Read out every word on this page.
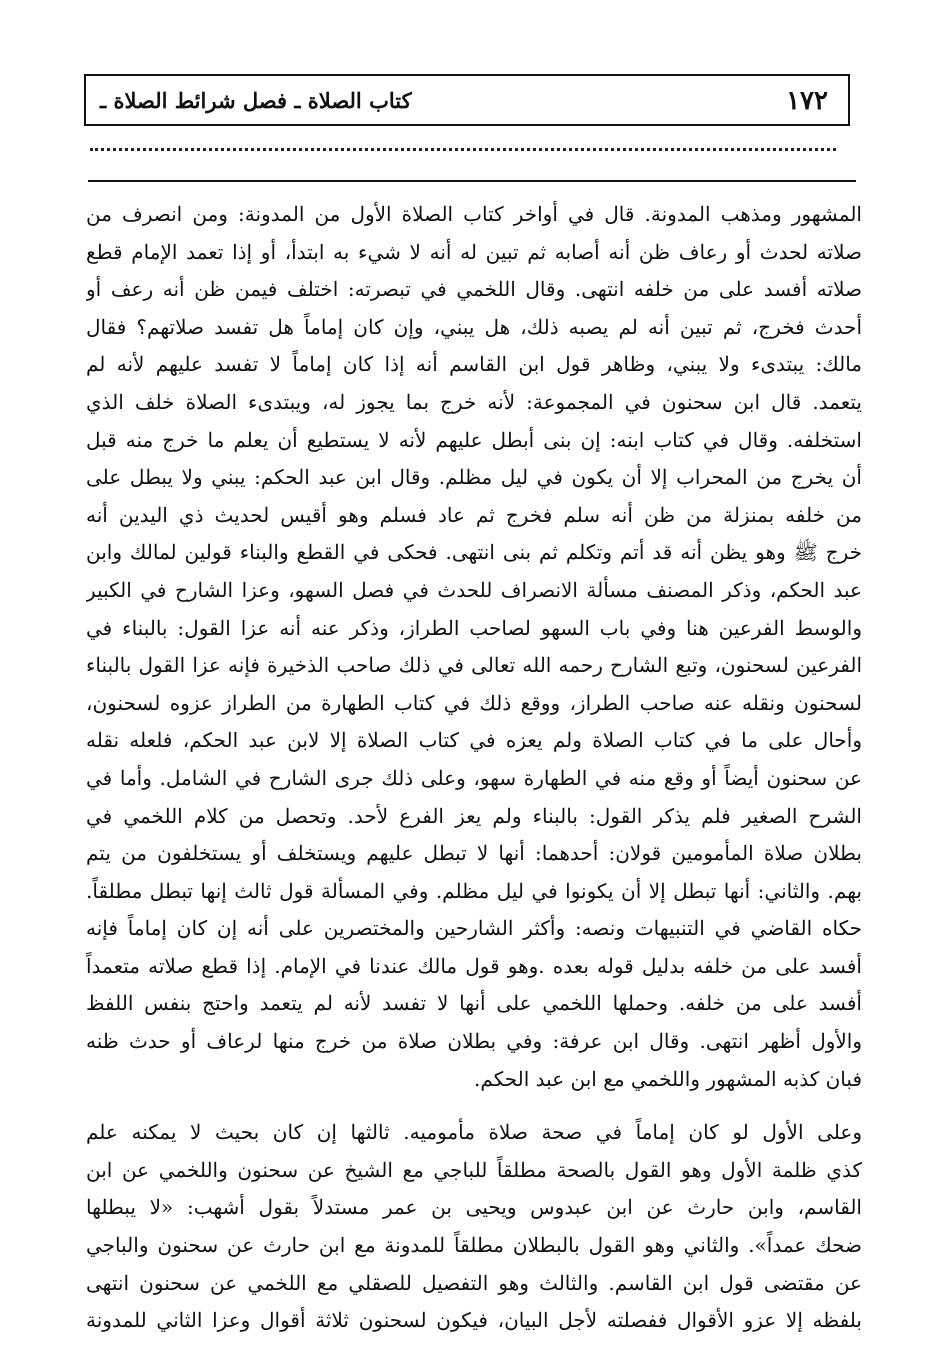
١٧٢
كتاب الصلاة ـ فصل شرائط الصلاة ـ
المشهور ومذهب المدونة. قال في أواخر كتاب الصلاة الأول من المدونة: ومن انصرف من
صلاته لحدث أو رعاف ظن أنه أصابه ثم تبين له أنه لا شيء به ابتدأ، أو إذا تعمد الإمام قطع
صلاته أفسد على من خلفه انتهى. وقال اللخمي في تبصرته: اختلف فيمن ظن أنه رعف أو
أحدث فخرج، ثم تبين أنه لم يصبه ذلك، هل يبني، وإن كان إماماً هل تفسد صلاتهم؟ فقال
مالك: يبتدىء ولا يبني، وظاهر قول ابن القاسم أنه إذا كان إماماً لا تفسد عليهم لأنه لم
يتعمد. قال ابن سحنون في المجموعة: لأنه خرج بما يجوز له، ويبتدىء الصلاة خلف الذي
استخلفه. وقال في كتاب ابنه: إن بنى أبطل عليهم لأنه لا يستطيع أن يعلم ما خرج منه قبل
أن يخرج من المحراب إلا أن يكون في ليل مظلم. وقال ابن عبد الحكم: يبني ولا يبطل على
من خلفه بمنزلة من ظن أنه سلم فخرج ثم عاد فسلم وهو أقيس لحديث ذي اليدين أنه
خرج ﷺ وهو يظن أنه قد أتم وتكلم ثم بنى انتهى. فحكى في القطع والبناء قولين لمالك وابن
عبد الحكم، وذكر المصنف مسألة الانصراف للحدث في فصل السهو، وعزا الشارح في الكبير
والوسط الفرعين هنا وفي باب السهو لصاحب الطراز، وذكر عنه أنه عزا القول: بالبناء في
الفرعين لسحنون، وتبع الشارح رحمه الله تعالى في ذلك صاحب الذخيرة فإنه عزا القول بالبناء
لسحنون ونقله عنه صاحب الطراز، ووقع ذلك في كتاب الطهارة من الطراز عزوه لسحنون،
وأحال على ما في كتاب الصلاة ولم يعزه في كتاب الصلاة إلا لابن عبد الحكم، فلعله نقله
عن سحنون أيضاً أو وقع منه في الطهارة سهو، وعلى ذلك جرى الشارح في الشامل. وأما في
الشرح الصغير فلم يذكر القول: بالبناء ولم يعز الفرع لأحد. وتحصل من كلام اللخمي في
بطلان صلاة المأمومين قولان: أحدهما: أنها لا تبطل عليهم ويستخلف أو يستخلفون من يتم
بهم. والثاني: أنها تبطل إلا أن يكونوا في ليل مظلم. وفي المسألة قول ثالث إنها تبطل مطلقاً.
حكاه القاضي في التنبيهات ونصه: وأكثر الشارحين والمختصرين على أنه إن كان إماماً فإنه
أفسد على من خلفه بدليل قوله بعده .وهو قول مالك عندنا في الإمام. إذا قطع صلاته متعمداً
أفسد على من خلفه. وحملها اللخمي على أنها لا تفسد لأنه لم يتعمد واحتج بنفس اللفظ
والأول أظهر انتهى. وقال ابن عرفة: وفي بطلان صلاة من خرج منها لرعاف أو حدث ظنه
فبان كذبه المشهور واللخمي مع ابن عبد الحكم.
وعلى الأول لو كان إماماً في صحة صلاة مأموميه. ثالثها إن كان بحيث لا يمكنه علم
كذي ظلمة الأول وهو القول بالصحة مطلقاً للباجي مع الشيخ عن سحنون واللخمي عن ابن
القاسم، وابن حارث عن ابن عبدوس ويحيى بن عمر مستدلاً بقول أشهب: «لا يبطلها
ضحك عمداً». والثاني وهو القول بالبطلان مطلقاً للمدونة مع ابن حارث عن سحنون والباجي
عن مقتضى قول ابن القاسم. والثالث وهو التفصيل للصقلي مع اللخمي عن سحنون انتهى
بلفظه إلا عزو الأقوال ففصلته لأجل البيان، فيكون لسحنون ثلاثة أقوال وعزا الثاني للمدونة
